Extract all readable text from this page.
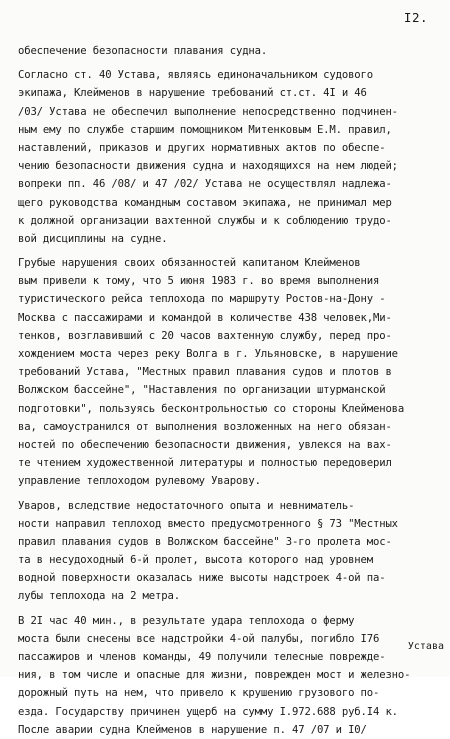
I2.
обеспечение безопасности плавания судна.
Согласно ст. 40 Устава, являясь единоначальником судового
экипажа, Клейменов в нарушение требований ст.ст. 4I и 46
/03/ Устава не обеспечил выполнение непосредственно подчинен-
ным ему по службе старшим помощником Митенковым Е.М. правил,
наставлений, приказов и других нормативных актов по обеспе-
чению безопасности движения судна и находящихся на нем людей;
вопреки пп. 46 /08/ и 47 /02/ Устава не осуществлял надлежа-
щего руководства командным составом экипажа, не принимал мер
к должной организации вахтенной службы и к соблюдению трудо-
вой дисциплины на судне.
Грубые нарушения своих обязанностей капитаном Клейменов
вым привели к тому, что 5 июня 1983 г. во время выполнения
туристического рейса теплохода по маршруту Ростов-на-Дону -
Москва с пассажирами и командой в количестве 438 человек,Ми-
тенков, возглавивший с 20 часов вахтенную службу, перед про-
хождением моста через реку Волга в г. Ульяновске, в нарушение
требований Устава, "Местных правил плавания судов и плотов в
Волжском бассейне", "Наставления по организации штурманской
подготовки", пользуясь бесконтрольностью со стороны Клейменова
ва, самоустранился от выполнения возложенных на него обязан-
ностей по обеспечению безопасности движения, увлекся на вах-
те чтением художественной литературы и полностью передоверил
управление теплоходом рулевому Уварову.
Уваров, вследствие недостаточного опыта и невниматель-
ности направил теплоход вместо предусмотренного § 73 "Местных
правил плавания судов в Волжском бассейне" 3-го пролета мос-
та в несудоходный 6-й пролет, высота которого над уровнем
водной поверхности оказалась ниже высоты надстроек 4-ой па-
лубы теплохода на 2 метра.
В 2I час 40 мин., в результате удара теплохода о ферму
моста были снесены все надстройки 4-ой палубы, погибло I76
пассажиров и членов команды, 49 получили телесные поврежде-
ния, в том числе и опасные для жизни, поврежден мост и железно-
дорожный путь на нем, что привело к крушению грузового по-
езда. Государству причинен ущерб на сумму I.972.688 руб.I4 к.
После аварии судна Клейменов в нарушение п. 47 /07 и I0/
Устава
